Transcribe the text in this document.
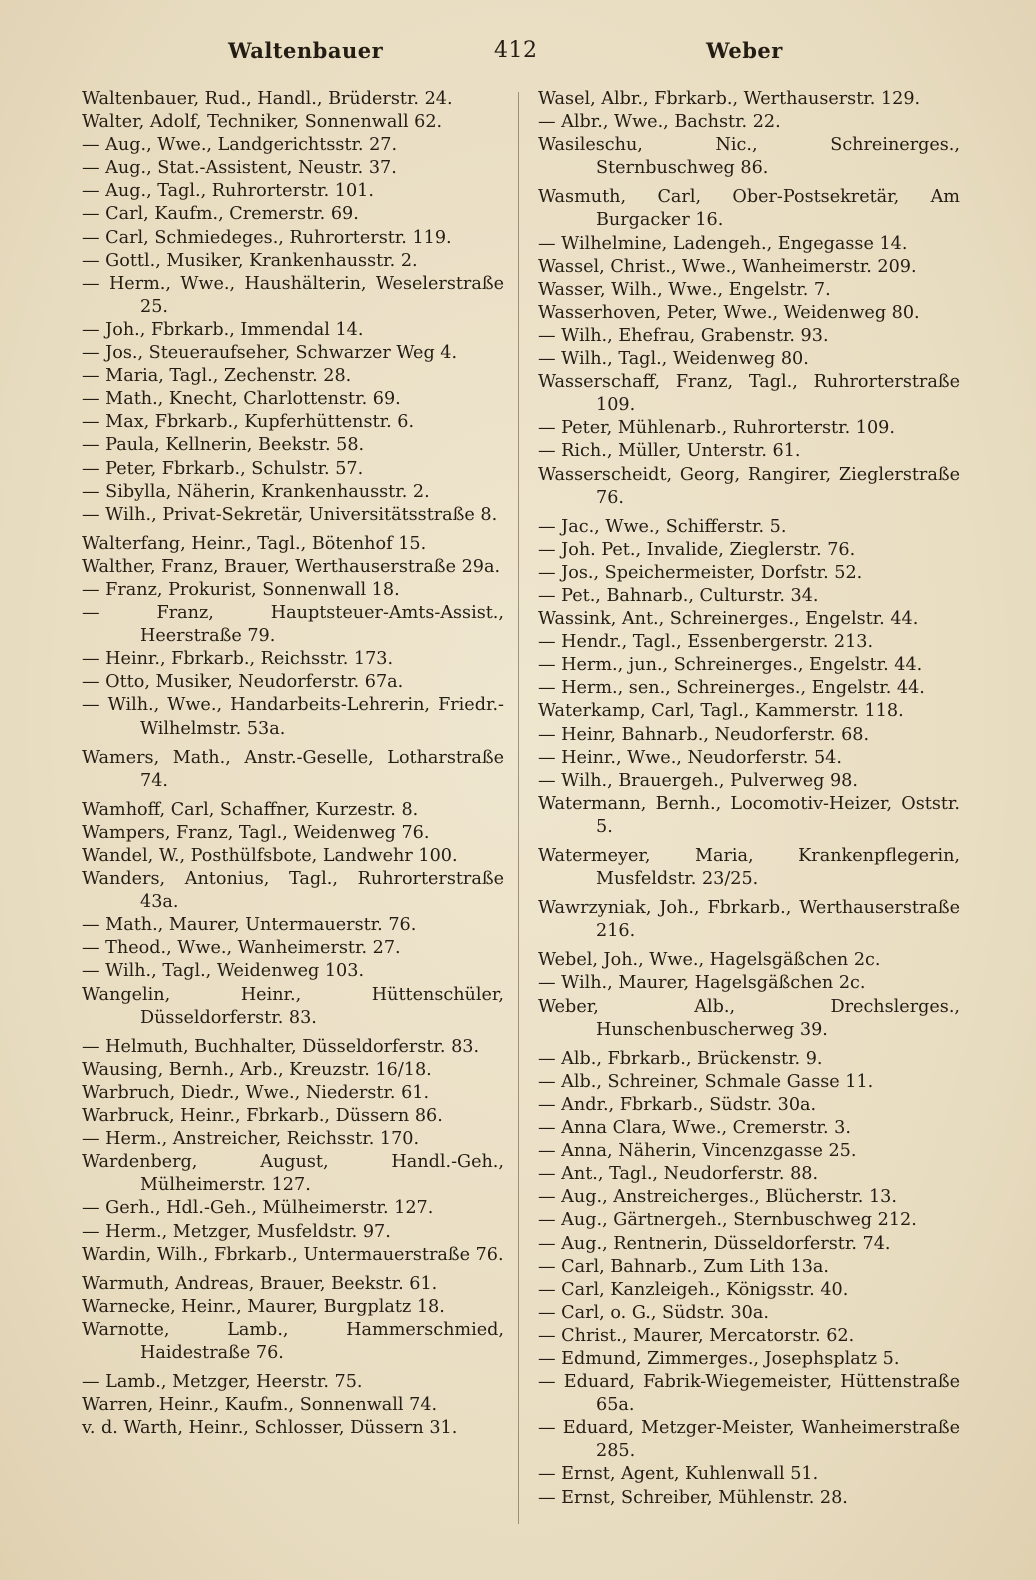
Waltenbauer	412	Weber
Waltenbauer, Rud., Handl., Brüderstr. 24.
Walter, Adolf, Techniker, Sonnenwall 62.
— Aug., Wwe., Landgerichtsstr. 27.
— Aug., Stat.-Assistent, Neustr. 37.
— Aug., Tagl., Ruhrorterstr. 101.
— Carl, Kaufm., Cremerstr. 69.
— Carl, Schmiedeges., Ruhrorterstr. 119.
— Gottl., Musiker, Krankenhausstr. 2.
— Herm., Wwe., Haushälterin, Weselerstraße 25.
— Joh., Fbrkarb., Immendal 14.
— Jos., Steueraufseher, Schwarzer Weg 4.
— Maria, Tagl., Zechenstr. 28.
— Math., Knecht, Charlottenstr. 69.
— Max, Fbrkarb., Kupferhüttenstr. 6.
— Paula, Kellnerin, Beekstr. 58.
— Peter, Fbrkarb., Schulstr. 57.
— Sibylla, Näherin, Krankenhausstr. 2.
— Wilh., Privat-Sekretär, Universitätsstraße 8.
Walterfang, Heinr., Tagl., Bötenhof 15.
Walther, Franz, Brauer, Werthauserstraße 29a.
— Franz, Prokurist, Sonnenwall 18.
— Franz, Hauptsteuer-Amts-Assist., Heerstraße 79.
— Heinr., Fbrkarb., Reichsstr. 173.
— Otto, Musiker, Neudorferstr. 67a.
— Wilh., Wwe., Handarbeits-Lehrerin, Friedr.-Wilhelmstr. 53a.
Wamers, Math., Anstr.-Geselle, Lotharstraße 74.
Wamhoff, Carl, Schaffner, Kurzestr. 8.
Wampers, Franz, Tagl., Weidenweg 76.
Wandel, W., Posthülfsbote, Landwehr 100.
Wanders, Antonius, Tagl., Ruhrorterstraße 43a.
— Math., Maurer, Untermauerstr. 76.
— Theod., Wwe., Wanheimerstr. 27.
— Wilh., Tagl., Weidenweg 103.
Wangelin, Heinr., Hüttenschüler, Düsseldorferstr. 83.
— Helmuth, Buchhalter, Düsseldorferstr. 83.
Wausing, Bernh., Arb., Kreuzstr. 16/18.
Warbruch, Diedr., Wwe., Niederstr. 61.
Warbruck, Heinr., Fbrkarb., Düssern 86.
— Herm., Anstreicher, Reichsstr. 170.
Wardenberg, August, Handl.-Geh., Mülheimerstr. 127.
— Gerh., Hdl.-Geh., Mülheimerstr. 127.
— Herm., Metzger, Musfeldstr. 97.
Wardin, Wilh., Fbrkarb., Untermauerstraße 76.
Warmuth, Andreas, Brauer, Beekstr. 61.
Warnecke, Heinr., Maurer, Burgplatz 18.
Warnotte, Lamb., Hammerschmied, Haidestraße 76.
— Lamb., Metzger, Heerstr. 75.
Warren, Heinr., Kaufm., Sonnenwall 74.
v. d. Warth, Heinr., Schlosser, Düssern 31.
Wasel, Albr., Fbrkarb., Werthauserstr. 129.
— Albr., Wwe., Bachstr. 22.
Wasileschu, Nic., Schreinerges., Sternbuschweg 86.
Wasmuth, Carl, Ober-Postsekretär, Am Burgacker 16.
— Wilhelmine, Ladengeh., Engegasse 14.
Wassel, Christ., Wwe., Wanheimerstr. 209.
Wasser, Wilh., Wwe., Engelstr. 7.
Wasserhoven, Peter, Wwe., Weidenweg 80.
— Wilh., Ehefrau, Grabenstr. 93.
— Wilh., Tagl., Weidenweg 80.
Wasserschaff, Franz, Tagl., Ruhrorterstraße 109.
— Peter, Mühlenarb., Ruhrorterstr. 109.
— Rich., Müller, Unterstr. 61.
Wasserscheidt, Georg, Rangirer, Zieglerstraße 76.
— Jac., Wwe., Schifferstr. 5.
— Joh. Pet., Invalide, Zieglerstr. 76.
— Jos., Speichermeister, Dorfstr. 52.
— Pet., Bahnarb., Culturstr. 34.
Wassink, Ant., Schreinerges., Engelstr. 44.
— Hendr., Tagl., Essenbergerstr. 213.
— Herm., jun., Schreinerges., Engelstr. 44.
— Herm., sen., Schreinerges., Engelstr. 44.
Waterkamp, Carl, Tagl., Kammerstr. 118.
— Heinr, Bahnarb., Neudorferstr. 68.
— Heinr., Wwe., Neudorferstr. 54.
— Wilh., Brauergeh., Pulverweg 98.
Watermann, Bernh., Locomotiv-Heizer, Oststr. 5.
Watermeyer, Maria, Krankenpflegerin, Musfeldstr. 23/25.
Wawrzyniak, Joh., Fbrkarb., Werthauserstraße 216.
Webel, Joh., Wwe., Hagelsgäßchen 2c.
— Wilh., Maurer, Hagelsgäßchen 2c.
Weber, Alb., Drechslerges., Hunschenbuscherweg 39.
— Alb., Fbrkarb., Brückenstr. 9.
— Alb., Schreiner, Schmale Gasse 11.
— Andr., Fbrkarb., Südstr. 30a.
— Anna Clara, Wwe., Cremerstr. 3.
— Anna, Näherin, Vincenzgasse 25.
— Ant., Tagl., Neudorferstr. 88.
— Aug., Anstreicherges., Blücherstr. 13.
— Aug., Gärtnergeh., Sternbuschweg 212.
— Aug., Rentnerin, Düsseldorferstr. 74.
— Carl, Bahnarb., Zum Lith 13a.
— Carl, Kanzleigeh., Königsstr. 40.
— Carl, o. G., Südstr. 30a.
— Christ., Maurer, Mercatorstr. 62.
— Edmund, Zimmerges., Josephsplatz 5.
— Eduard, Fabrik-Wiegemeister, Hüttenstraße 65a.
— Eduard, Metzger-Meister, Wanheimerstraße 285.
— Ernst, Agent, Kuhlenwall 51.
— Ernst, Schreiber, Mühlenstr. 28.
